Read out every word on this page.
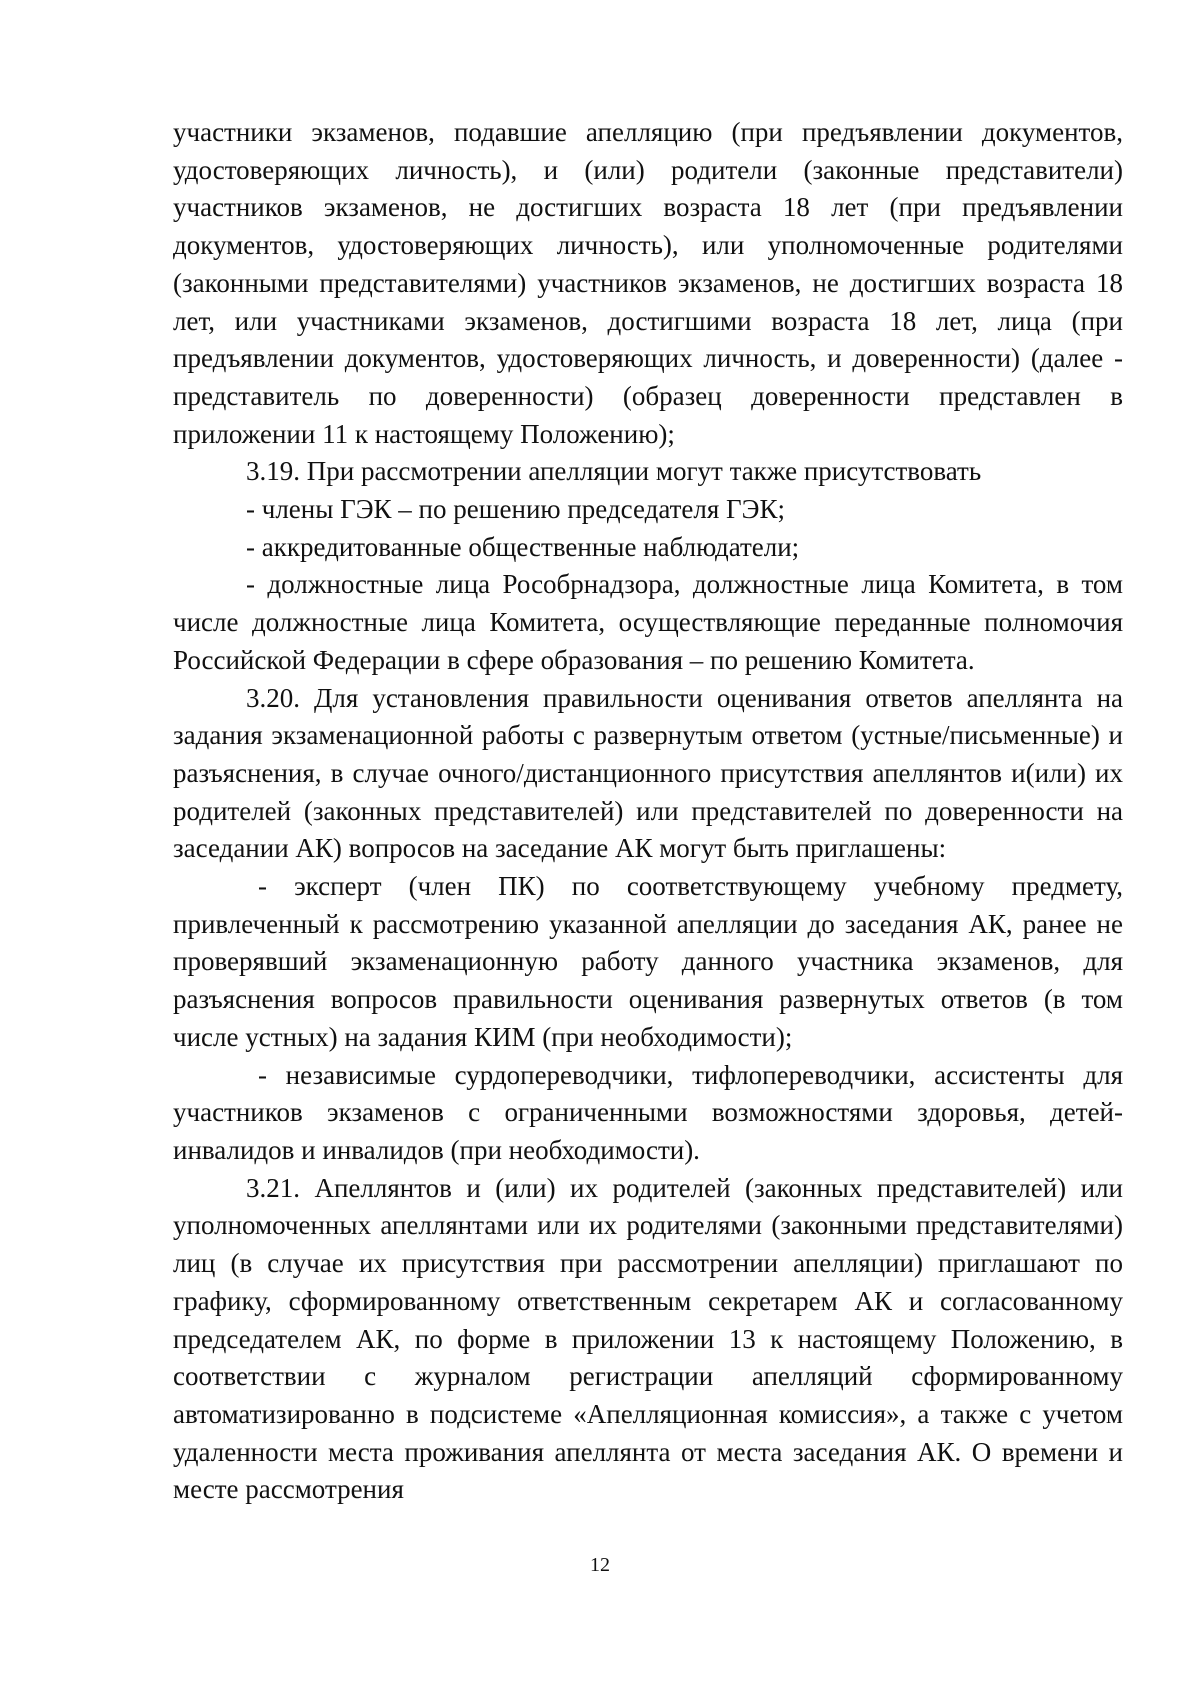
участники экзаменов, подавшие апелляцию (при предъявлении документов, удостоверяющих личность), и (или) родители (законные представители) участников экзаменов, не достигших возраста 18 лет (при предъявлении документов, удостоверяющих личность), или уполномоченные родителями (законными представителями) участников экзаменов, не достигших возраста 18 лет, или участниками экзаменов, достигшими возраста 18 лет, лица (при предъявлении документов, удостоверяющих личность, и доверенности) (далее - представитель по доверенности) (образец доверенности представлен в приложении 11 к настоящему Положению);

3.19. При рассмотрении апелляции могут также присутствовать

- члены ГЭК – по решению председателя ГЭК;

- аккредитованные общественные наблюдатели;

- должностные лица Рособрнадзора, должностные лица Комитета, в том числе должностные лица Комитета, осуществляющие переданные полномочия Российской Федерации в сфере образования – по решению Комитета.

3.20. Для установления правильности оценивания ответов апеллянта на задания экзаменационной работы с развернутым ответом (устные/письменные) и разъяснения, в случае очного/дистанционного присутствия апеллянтов и(или) их родителей (законных представителей) или представителей по доверенности на заседании АК) вопросов на заседание АК могут быть приглашены:

- эксперт (член ПК) по соответствующему учебному предмету, привлеченный к рассмотрению указанной апелляции до заседания АК, ранее не проверявший экзаменационную работу данного участника экзаменов, для разъяснения вопросов правильности оценивания развернутых ответов (в том числе устных) на задания КИМ (при необходимости);

- независимые сурдопереводчики, тифлопереводчики, ассистенты для участников экзаменов с ограниченными возможностями здоровья, детей-инвалидов и инвалидов (при необходимости).

3.21. Апеллянтов и (или) их родителей (законных представителей) или уполномоченных апеллянтами или их родителями (законными представителями) лиц (в случае их присутствия при рассмотрении апелляции) приглашают по графику, сформированному ответственным секретарем АК и согласованному председателем АК, по форме в приложении 13 к настоящему Положению, в соответствии с журналом регистрации апелляций сформированному автоматизированно в подсистеме «Апелляционная комиссия», а также с учетом удаленности места проживания апеллянта от места заседания АК. О времени и месте рассмотрения

12
